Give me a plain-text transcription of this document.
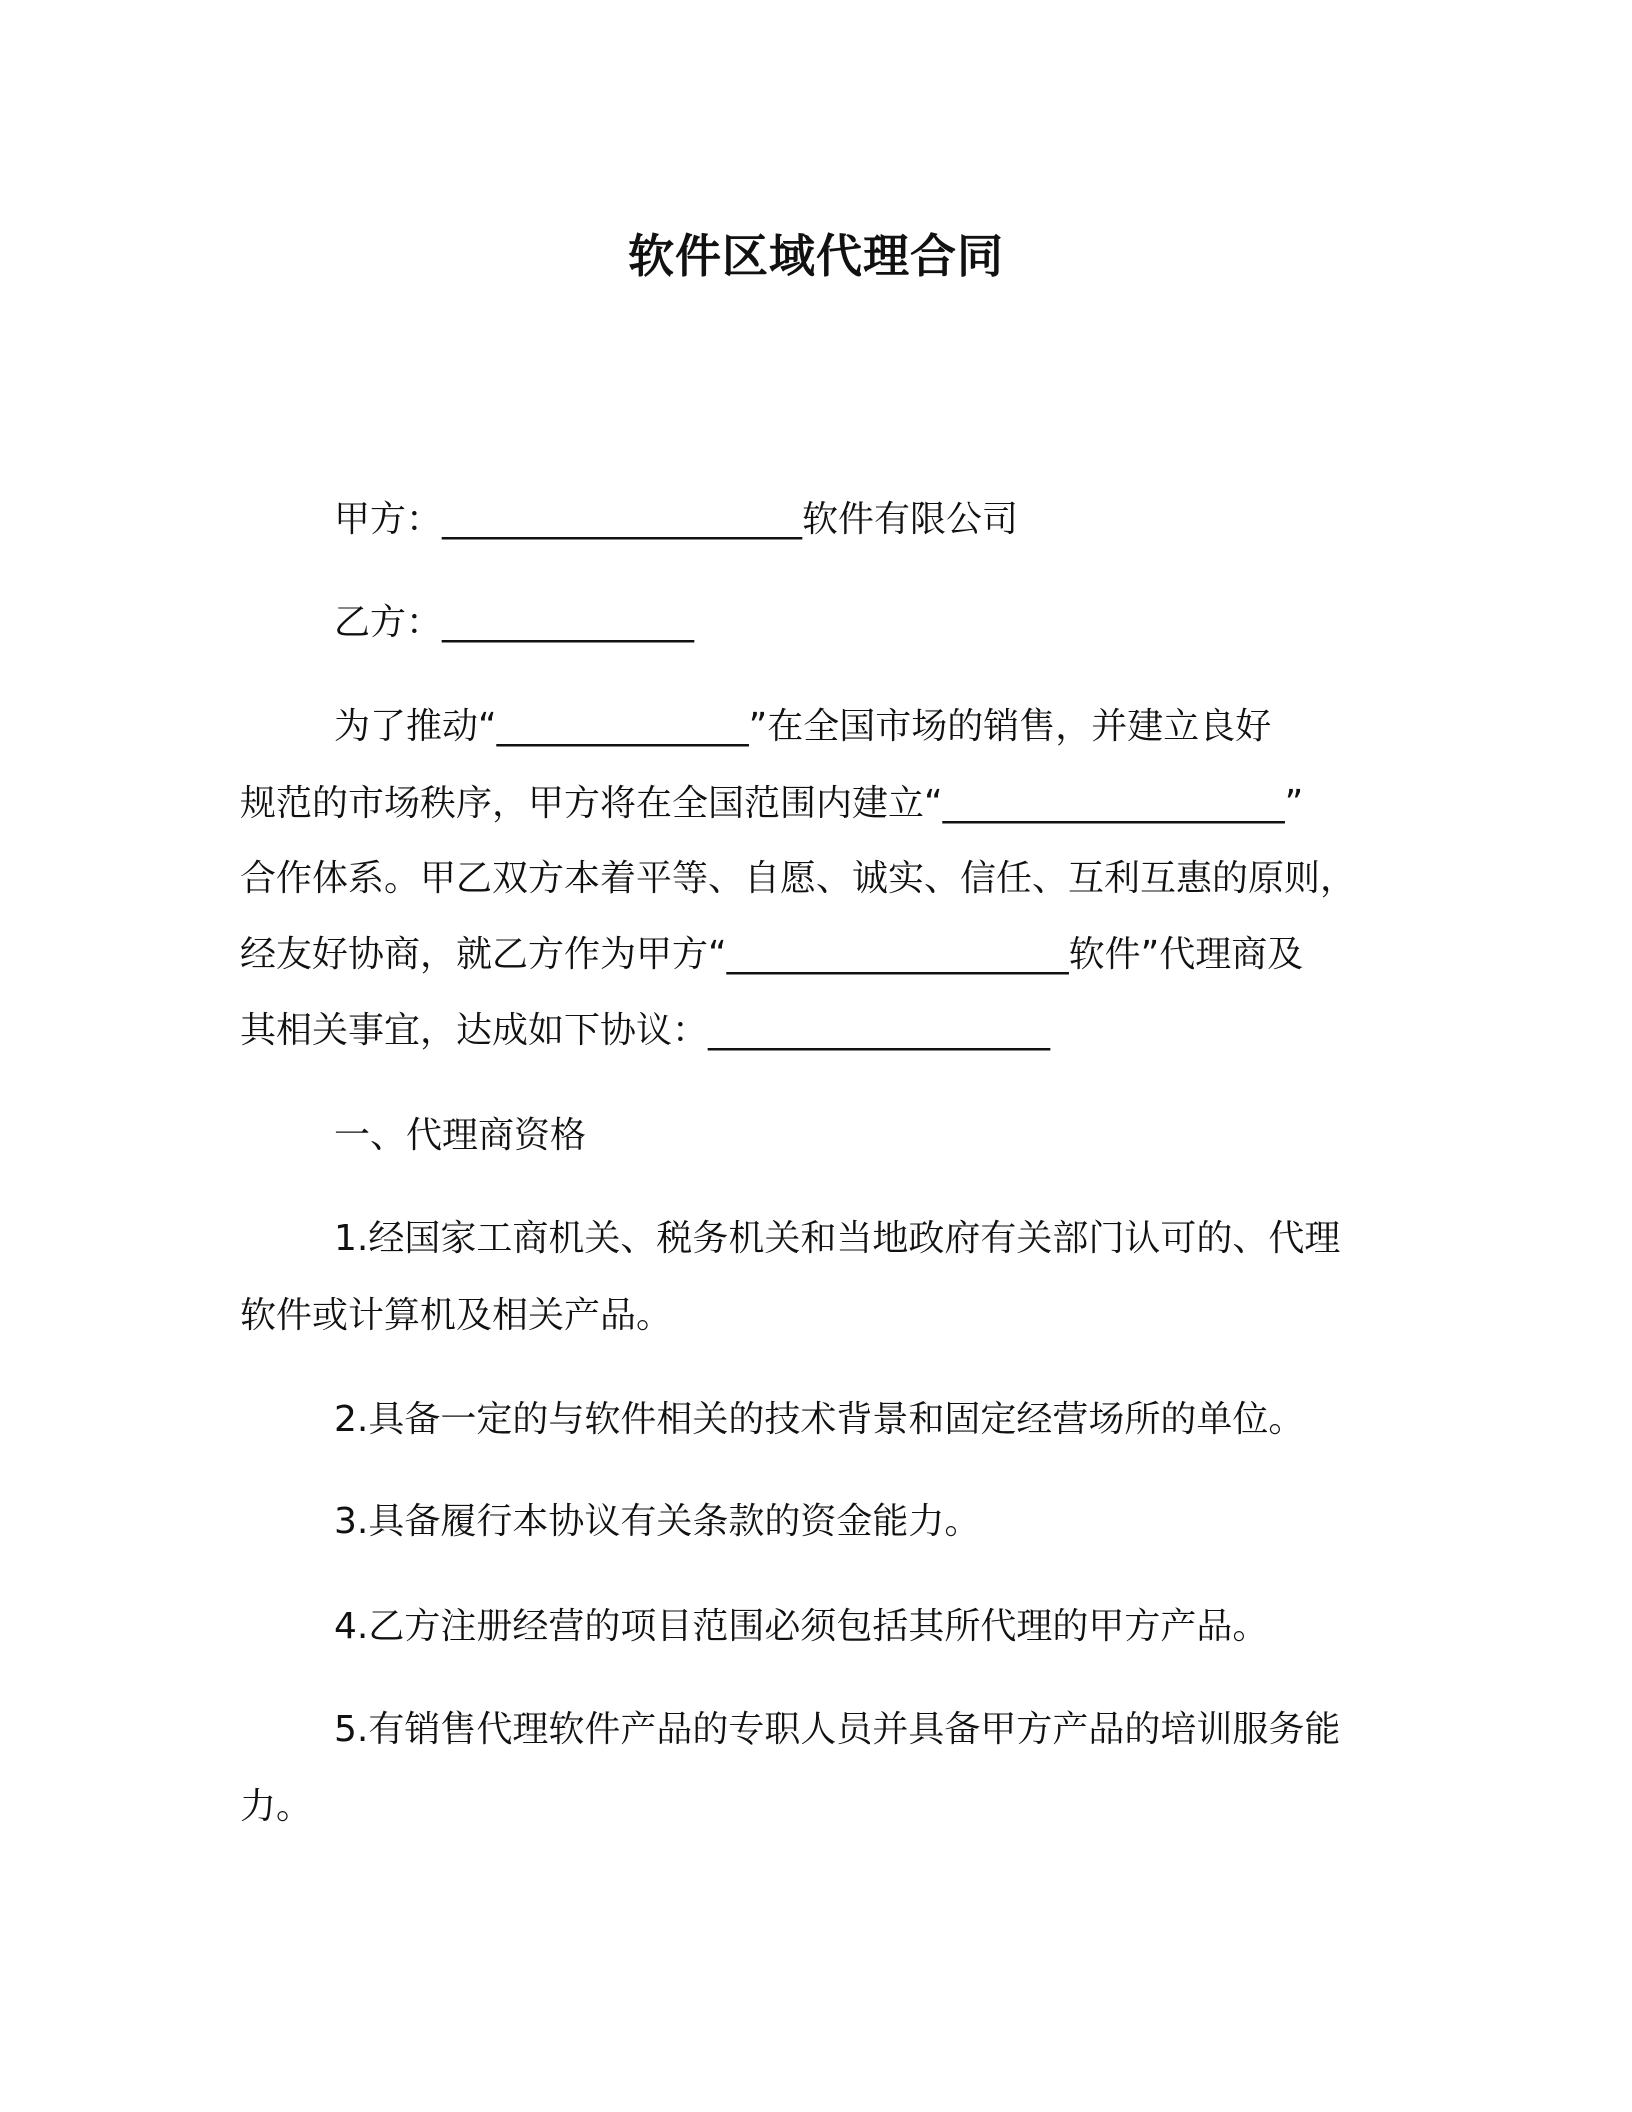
软件区域代理合同
甲方：____________________软件有限公司
乙方：______________
为了推动“______________”在全国市场的销售，并建立良好
规范的市场秩序，甲方将在全国范围内建立“___________________”
合作体系。甲乙双方本着平等、自愿、诚实、信任、互利互惠的原则，
经友好协商，就乙方作为甲方“___________________软件”代理商及
其相关事宜，达成如下协议：___________________
一、代理商资格
1.经国家工商机关、税务机关和当地政府有关部门认可的、代理
软件或计算机及相关产品。
2.具备一定的与软件相关的技术背景和固定经营场所的单位。
3.具备履行本协议有关条款的资金能力。
4.乙方注册经营的项目范围必须包括其所代理的甲方产品。
5.有销售代理软件产品的专职人员并具备甲方产品的培训服务能
力。
